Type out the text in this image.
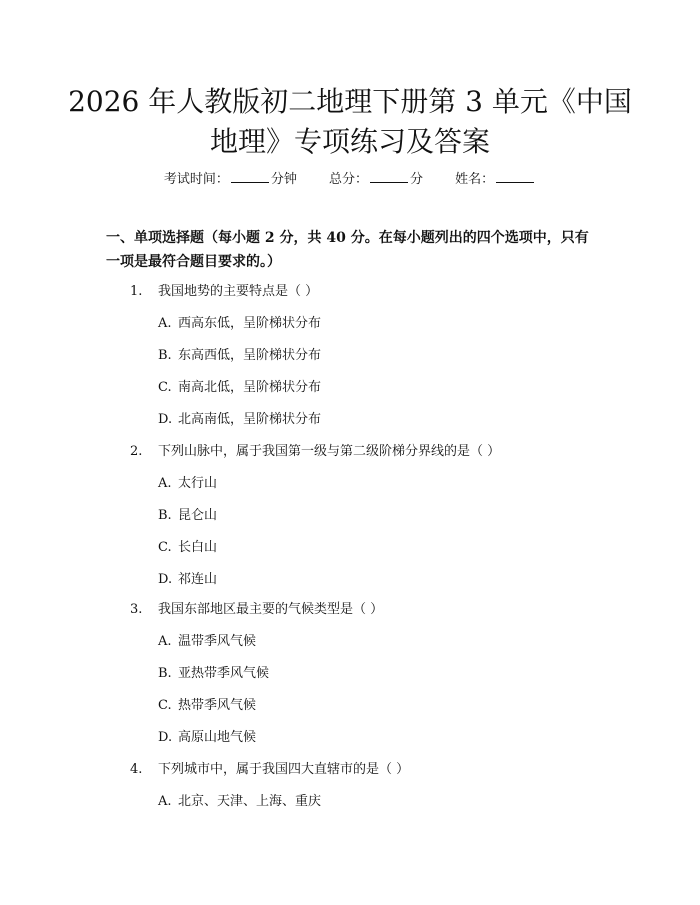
2026 年人教版初二地理下册第 3 单元《中国
地理》专项练习及答案
考试时间：	分钟 总分：	分 姓名：

一、单项选择题（每小题 2 分，共 40 分。在每小题列出的四个选项中，只有一项是最符合题目要求的。）

1. 我国地势的主要特点是（ ）
A. 西高东低，呈阶梯状分布
B. 东高西低，呈阶梯状分布
C. 南高北低，呈阶梯状分布
D. 北高南低，呈阶梯状分布
2. 下列山脉中，属于我国第一级与第二级阶梯分界线的是（ ）
A. 太行山
B. 昆仑山
C. 长白山
D. 祁连山
3. 我国东部地区最主要的气候类型是（ ）
A. 温带季风气候
B. 亚热带季风气候
C. 热带季风气候
D. 高原山地气候
4. 下列城市中，属于我国四大直辖市的是（ ）
A. 北京、天津、上海、重庆
